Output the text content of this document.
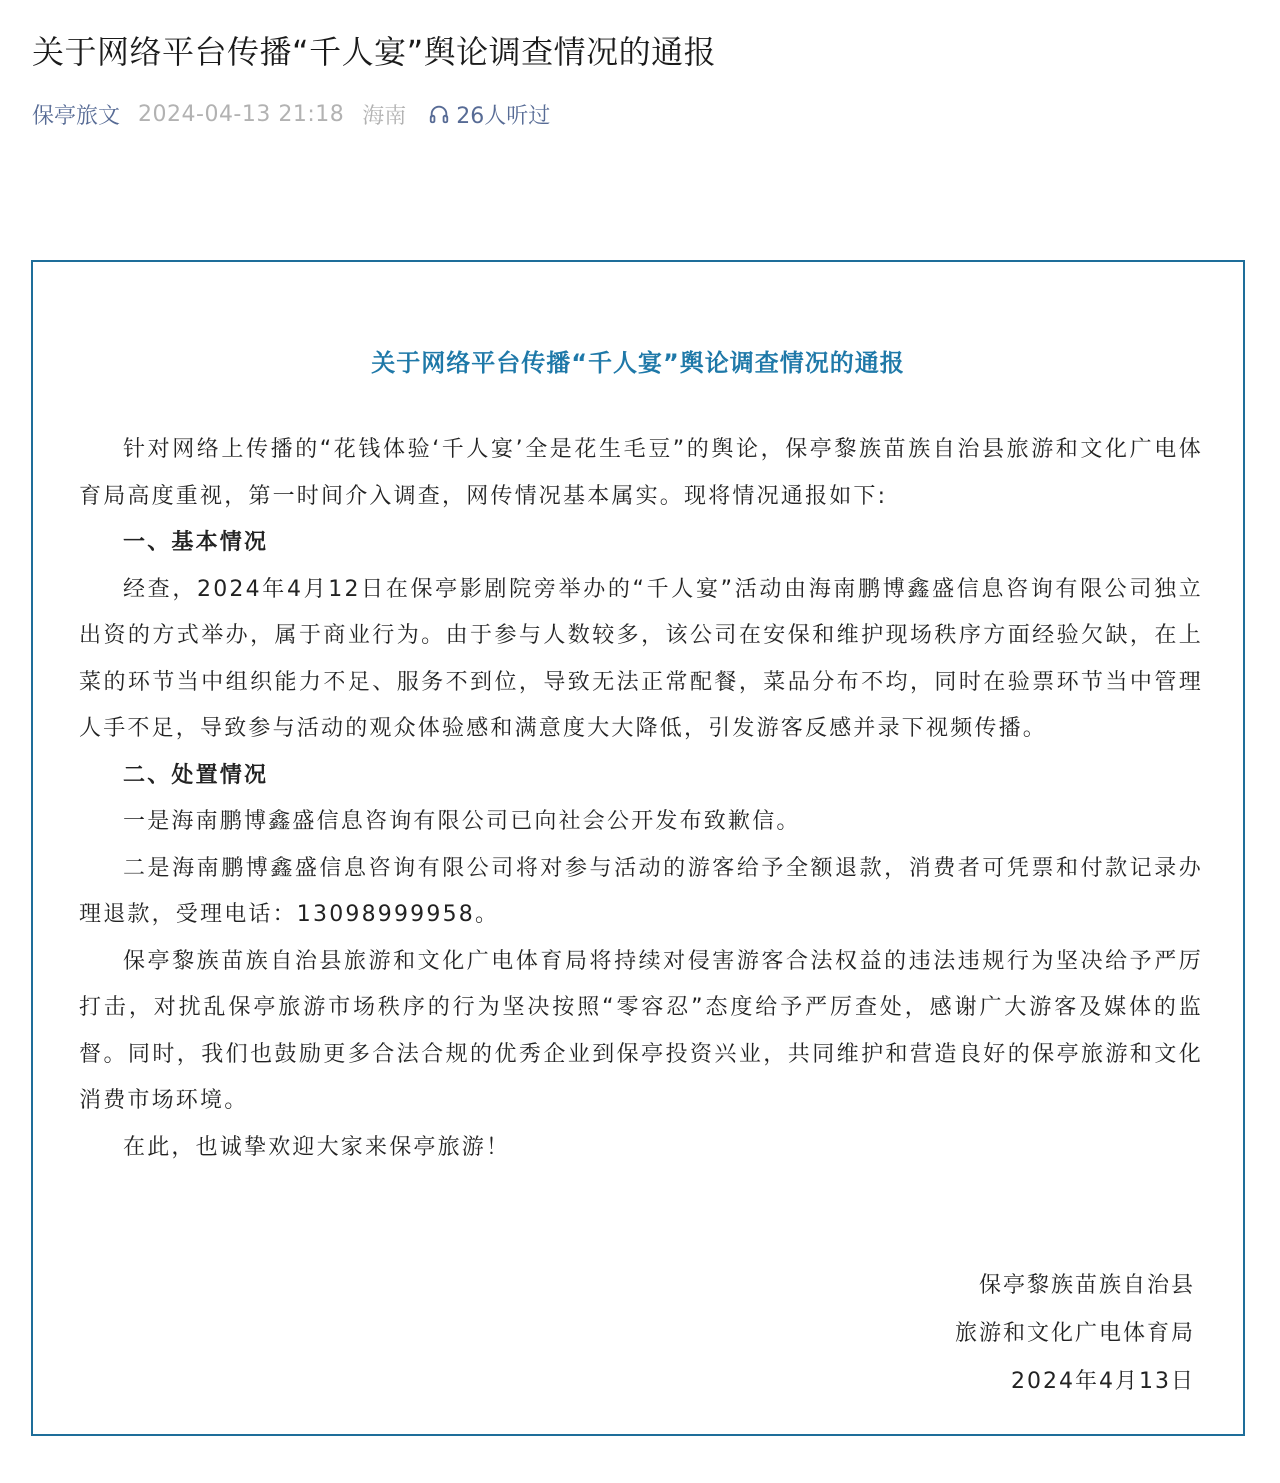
关于网络平台传播“千人宴”舆论调查情况的通报
保亭旅文 2024-04-13 21:18 海南 26人听过
关于网络平台传播“千人宴”舆论调查情况的通报

针对网络上传播的“花钱体验‘千人宴’全是花生毛豆”的舆论，保亭黎族苗族自治县旅游和文化广电体育局高度重视，第一时间介入调查，网传情况基本属实。现将情况通报如下:

一、基本情况

经查，2024年4月12日在保亭影剧院旁举办的“千人宴”活动由海南鹏博鑫盛信息咨询有限公司独立出资的方式举办，属于商业行为。由于参与人数较多，该公司在安保和维护现场秩序方面经验欠缺，在上菜的环节当中组织能力不足、服务不到位，导致无法正常配餐，菜品分布不均，同时在验票环节当中管理人手不足，导致参与活动的观众体验感和满意度大大降低，引发游客反感并录下视频传播。

二、处置情况

一是海南鹏博鑫盛信息咨询有限公司已向社会公开发布致歉信。

二是海南鹏博鑫盛信息咨询有限公司将对参与活动的游客给予全额退款，消费者可凭票和付款记录办理退款，受理电话：13098999958。

保亭黎族苗族自治县旅游和文化广电体育局将持续对侵害游客合法权益的违法违规行为坚决给予严厉打击，对扰乱保亭旅游市场秩序的行为坚决按照“零容忍”态度给予严厉查处，感谢广大游客及媒体的监督。同时，我们也鼓励更多合法合规的优秀企业到保亭投资兴业，共同维护和营造良好的保亭旅游和文化消费市场环境。

在此，也诚挚欢迎大家来保亭旅游！

保亭黎族苗族自治县
旅游和文化广电体育局
2024年4月13日
